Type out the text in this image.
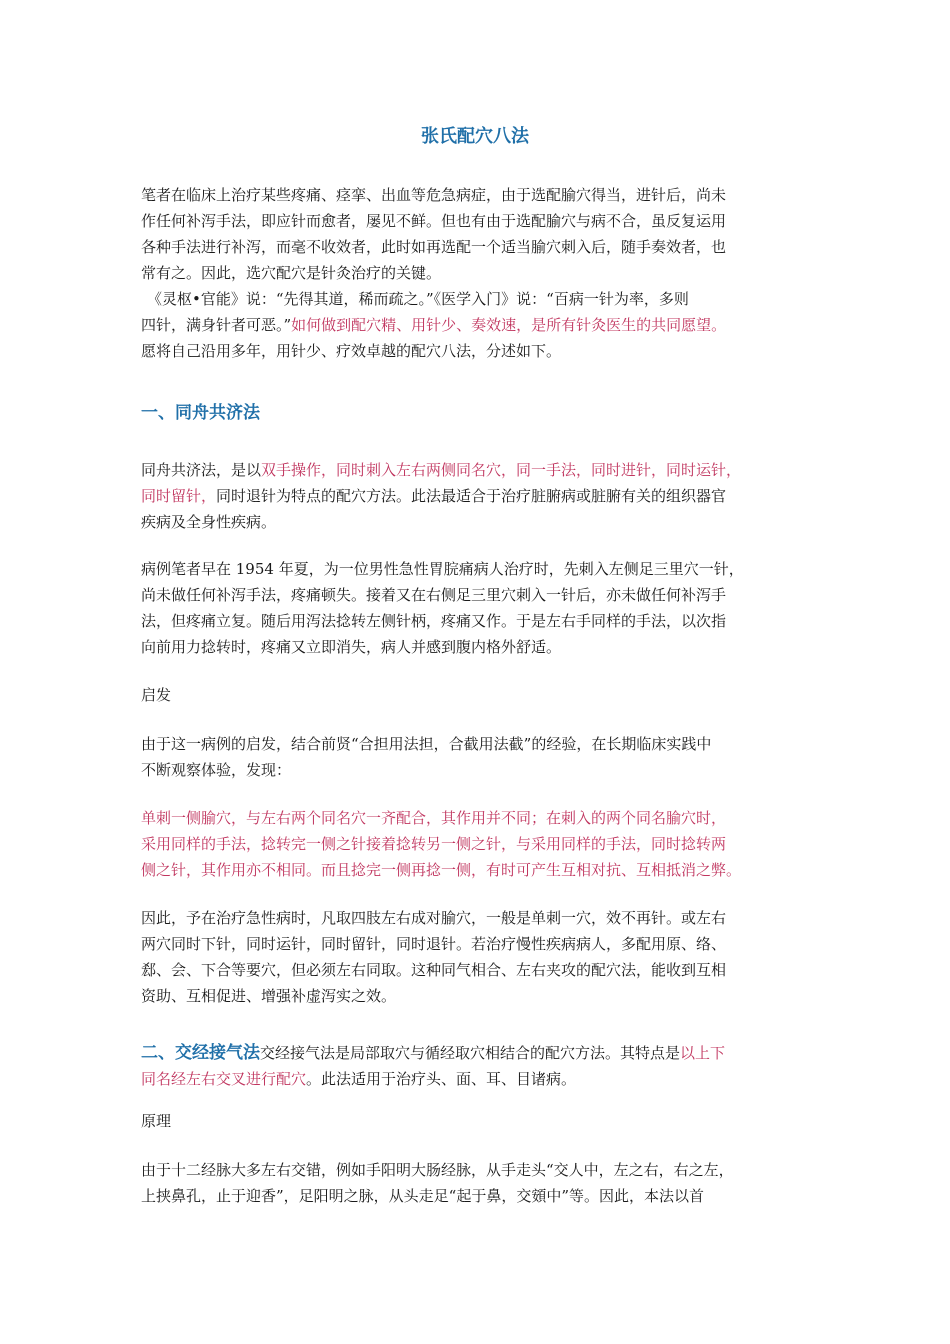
张氏配穴八法
笔者在临床上治疗某些疼痛、痉挛、出血等危急病症，由于选配腧穴得当，进针后，尚未
作任何补泻手法，即应针而愈者，屡见不鲜。但也有由于选配腧穴与病不合，虽反复运用
各种手法进行补泻，而毫不收效者，此时如再选配一个适当腧穴刺入后，随手奏效者，也
常有之。因此，选穴配穴是针灸治疗的关键。
《灵枢•官能》说：“先得其道，稀而疏之。”《医学入门》说：“百病一针为率，多则
四针，满身针者可恶。”如何做到配穴精、用针少、奏效速，是所有针灸医生的共同愿望。
愿将自己沿用多年，用针少、疗效卓越的配穴八法，分述如下。
一、同舟共济法
同舟共济法，是以双手操作，同时刺入左右两侧同名穴，同一手法，同时进针，同时运针，
同时留针，同时退针为特点的配穴方法。此法最适合于治疗脏腑病或脏腑有关的组织器官
疾病及全身性疾病。
病例笔者早在 1954 年夏，为一位男性急性胃脘痛病人治疗时，先刺入左侧足三里穴一针，
尚未做任何补泻手法，疼痛顿失。接着又在右侧足三里穴刺入一针后，亦未做任何补泻手
法，但疼痛立复。随后用泻法捻转左侧针柄，疼痛又作。于是左右手同样的手法，以次指
向前用力捻转时，疼痛又立即消失，病人并感到腹内格外舒适。
启发
由于这一病例的启发，结合前贤“合担用法担，合截用法截”的经验，在长期临床实践中
不断观察体验，发现：
单刺一侧腧穴，与左右两个同名穴一齐配合，其作用并不同；在刺入的两个同名腧穴时，
采用同样的手法，捻转完一侧之针接着捻转另一侧之针，与采用同样的手法，同时捻转两
侧之针，其作用亦不相同。而且捻完一侧再捻一侧，有时可产生互相对抗、互相抵消之弊。
因此，予在治疗急性病时，凡取四肢左右成对腧穴，一般是单刺一穴，效不再针。或左右
两穴同时下针，同时运针，同时留针，同时退针。若治疗慢性疾病病人，多配用原、络、
郄、会、下合等要穴，但必须左右同取。这种同气相合、左右夹攻的配穴法，能收到互相
资助、互相促进、增强补虚泻实之效。
二、交经接气法交经接气法是局部取穴与循经取穴相结合的配穴方法。其特点是以上下
同名经左右交叉进行配穴。此法适用于治疗头、面、耳、目诸病。
原理
由于十二经脉大多左右交错，例如手阳明大肠经脉，从手走头“交人中，左之右，右之左，
上挟鼻孔，止于迎香”，足阳明之脉，从头走足“起于鼻，交頞中”等。因此，本法以首
